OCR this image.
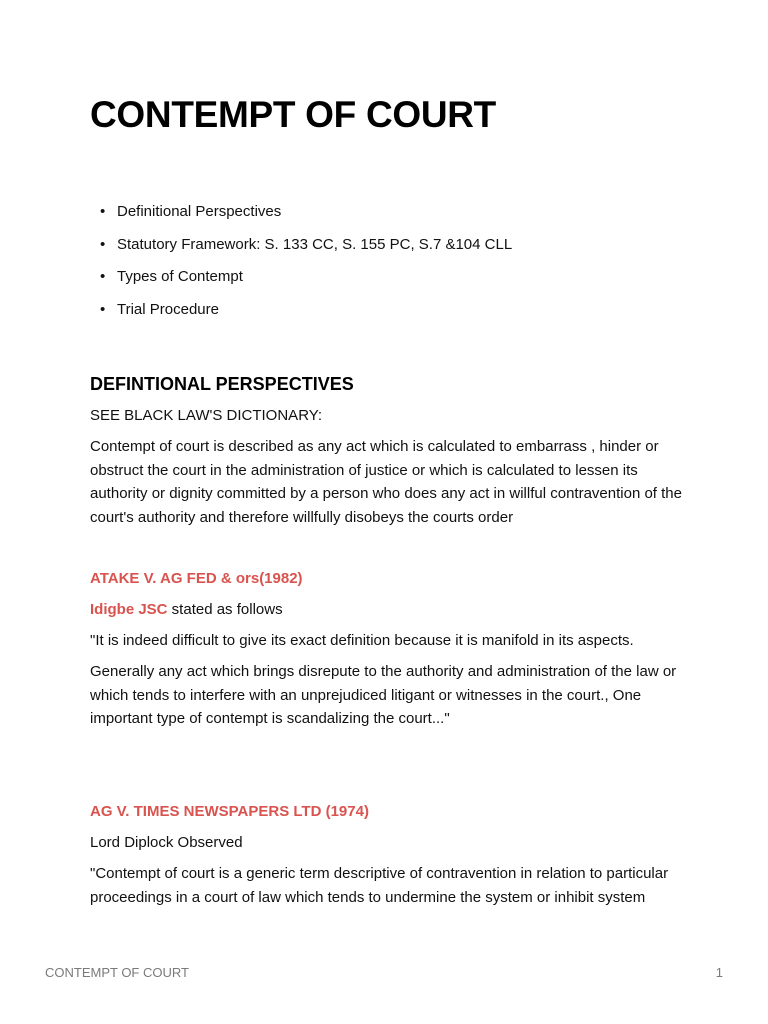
CONTEMPT OF COURT
• Definitional Perspectives
• Statutory Framework: S. 133 CC, S. 155 PC, S.7 &104 CLL
• Types of Contempt
• Trial Procedure
DEFINTIONAL PERSPECTIVES

SEE BLACK LAW'S DICTIONARY:

Contempt of court is described as any act which is calculated to embarrass , hinder or obstruct the court in the administration of justice or which is calculated to lessen its authority or dignity committed by a person who does any act in willful contravention of the court's authority and therefore willfully disobeys the courts order

ATAKE V. AG FED & ors(1982)

Idigbe JSC stated as follows

"It is indeed difficult to give its exact definition because it is manifold in its aspects.

Generally any act which brings disrepute to the authority and administration of the law or which tends to interfere with an unprejudiced litigant or witnesses in the court., One important type of contempt is scandalizing the court..."

AG V. TIMES NEWSPAPERS LTD (1974)

Lord Diplock Observed

"Contempt of court is a generic term descriptive of contravention in relation to particular proceedings in a court of law which tends to undermine the system or inhibit system

CONTEMPT OF COURT	1
